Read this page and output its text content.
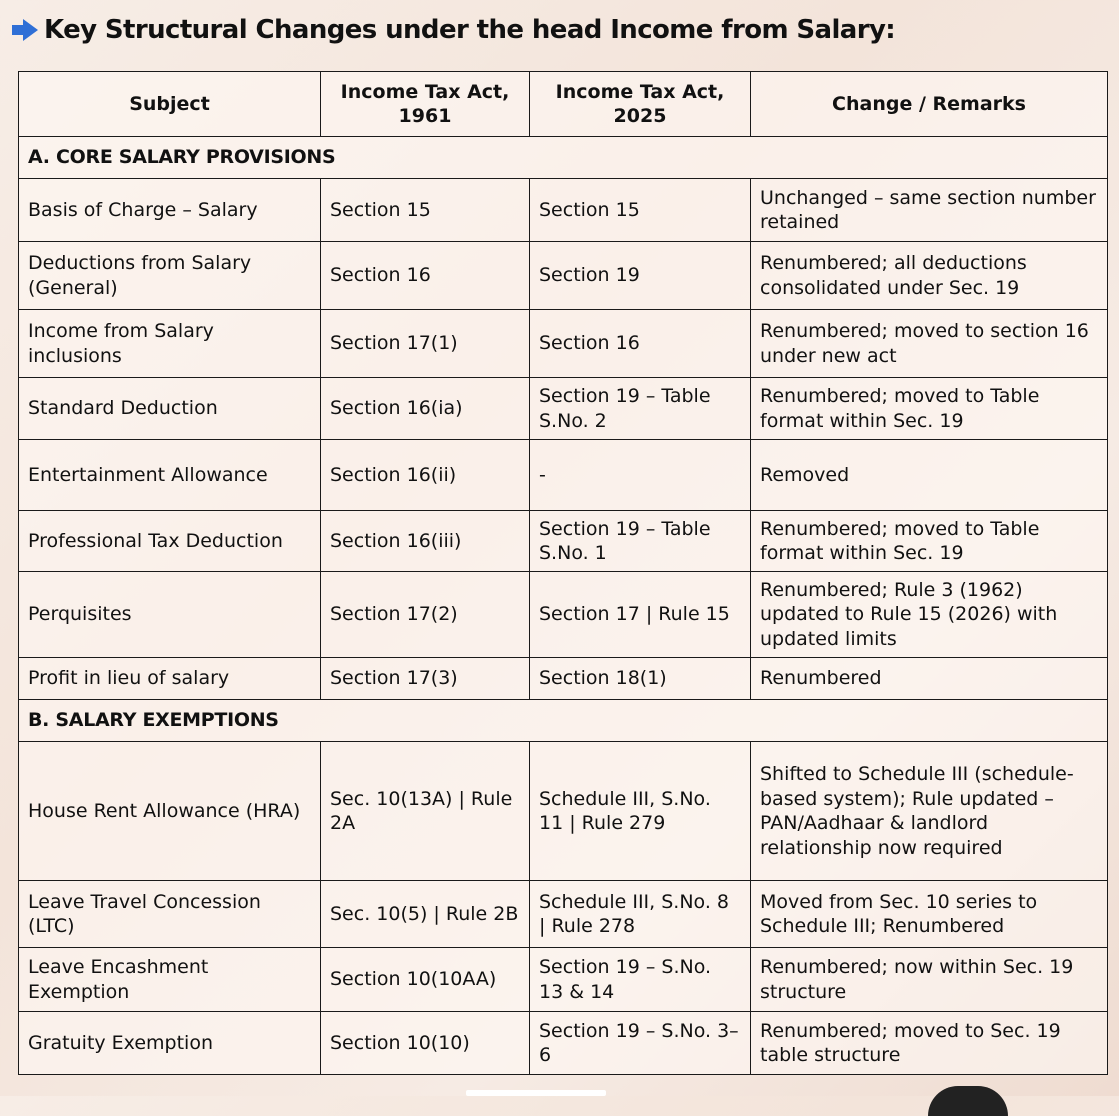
Key Structural Changes under the head Income from Salary:
Subject	Income Tax Act, 1961	Income Tax Act, 2025	Change / Remarks
A. CORE SALARY PROVISIONS			
Basis of Charge – Salary	Section 15	Section 15	Unchanged – same section number retained
Deductions from Salary (General)	Section 16	Section 19	Renumbered; all deductions consolidated under Sec. 19
Income from Salary inclusions	Section 17(1)	Section 16	Renumbered; moved to section 16 under new act
Standard Deduction	Section 16(ia)	Section 19 – Table S.No. 2	Renumbered; moved to Table format within Sec. 19
Entertainment Allowance	Section 16(ii)	-	Removed
Professional Tax Deduction	Section 16(iii)	Section 19 – Table S.No. 1	Renumbered; moved to Table format within Sec. 19
Perquisites	Section 17(2)	Section 17 | Rule 15	Renumbered; Rule 3 (1962) updated to Rule 15 (2026) with updated limits
Profit in lieu of salary	Section 17(3)	Section 18(1)	Renumbered
B. SALARY EXEMPTIONS			
House Rent Allowance (HRA)	Sec. 10(13A) | Rule 2A	Schedule III, S.No. 11 | Rule 279	Shifted to Schedule III (schedule-based system); Rule updated – PAN/Aadhaar & landlord relationship now required
Leave Travel Concession (LTC)	Sec. 10(5) | Rule 2B	Schedule III, S.No. 8 | Rule 278	Moved from Sec. 10 series to Schedule III; Renumbered
Leave Encashment Exemption	Section 10(10AA)	Section 19 – S.No. 13 & 14	Renumbered; now within Sec. 19 structure
Gratuity Exemption	Section 10(10)	Section 19 – S.No. 3–6	Renumbered; moved to Sec. 19 table structure
